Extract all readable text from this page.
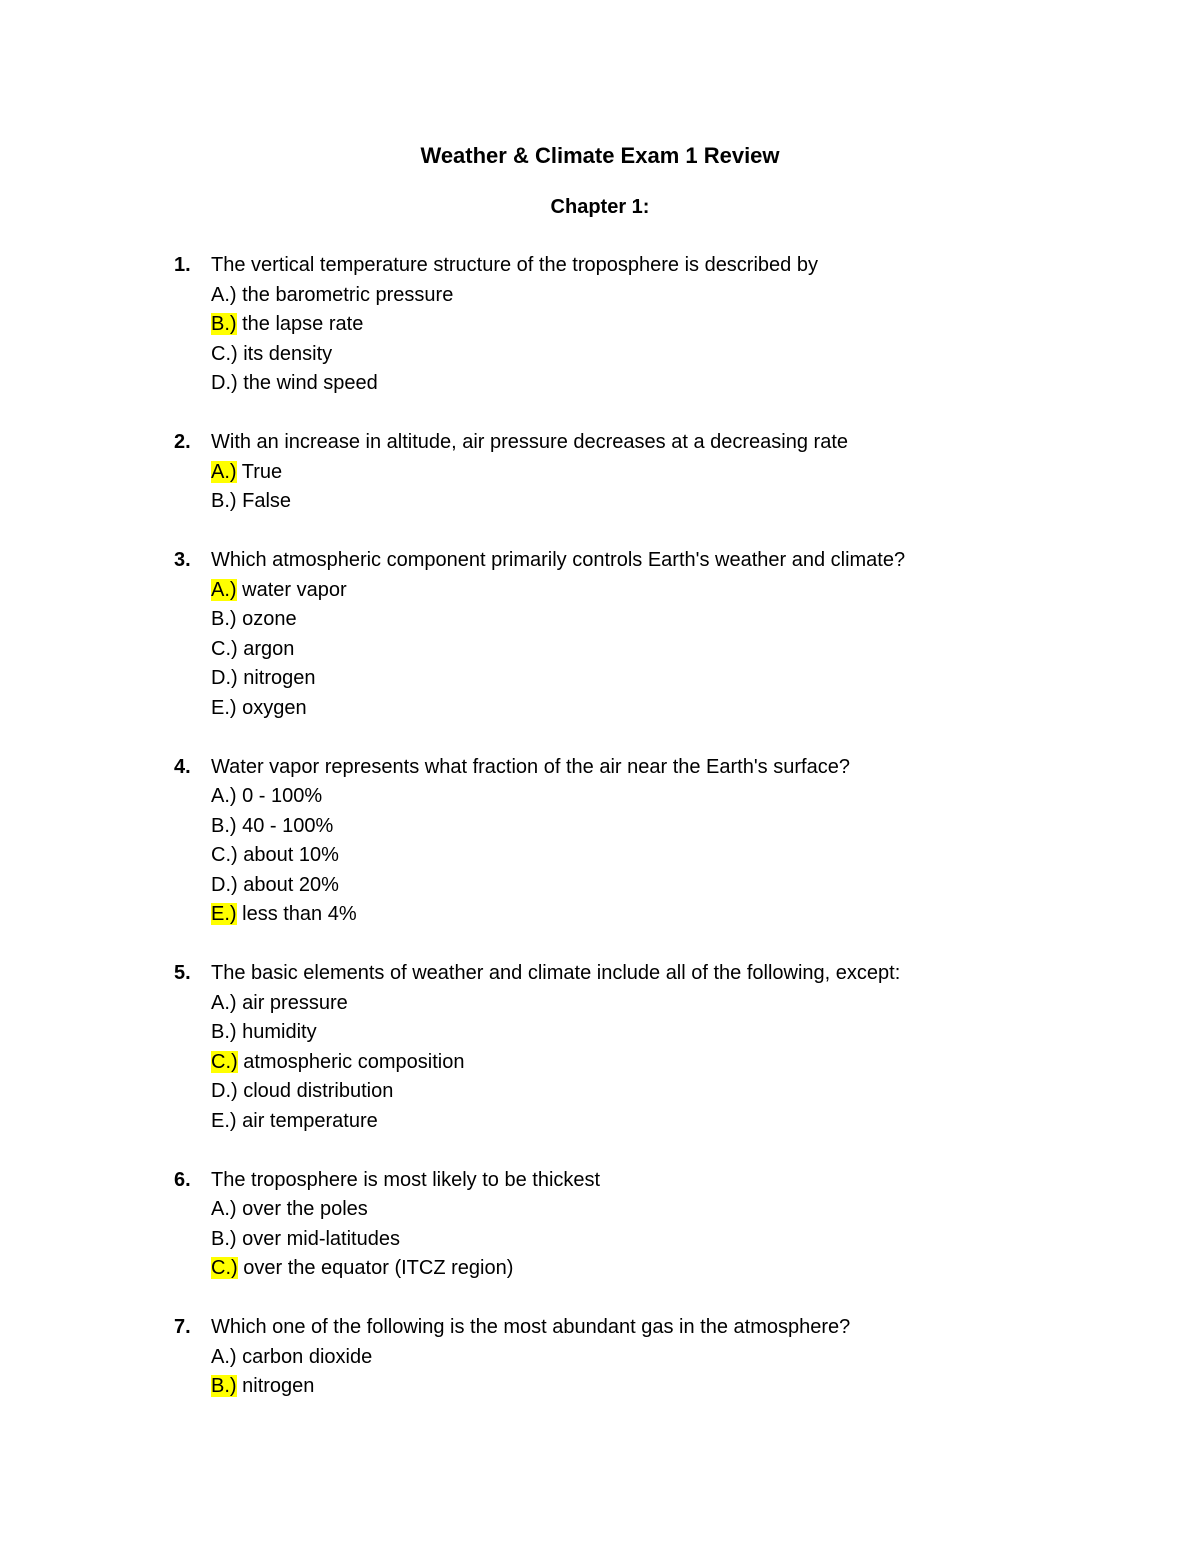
Weather & Climate Exam 1 Review
Chapter 1:
1. The vertical temperature structure of the troposphere is described by
A.) the barometric pressure
B.) the lapse rate
C.) its density
D.) the wind speed
2. With an increase in altitude, air pressure decreases at a decreasing rate
A.) True
B.) False
3. Which atmospheric component primarily controls Earth's weather and climate?
A.) water vapor
B.) ozone
C.) argon
D.) nitrogen
E.) oxygen
4. Water vapor represents what fraction of the air near the Earth's surface?
A.) 0 - 100%
B.) 40 - 100%
C.) about 10%
D.) about 20%
E.) less than 4%
5. The basic elements of weather and climate include all of the following, except:
A.) air pressure
B.) humidity
C.) atmospheric composition
D.) cloud distribution
E.) air temperature
6. The troposphere is most likely to be thickest
A.) over the poles
B.) over mid-latitudes
C.) over the equator (ITCZ region)
7. Which one of the following is the most abundant gas in the atmosphere?
A.) carbon dioxide
B.) nitrogen
